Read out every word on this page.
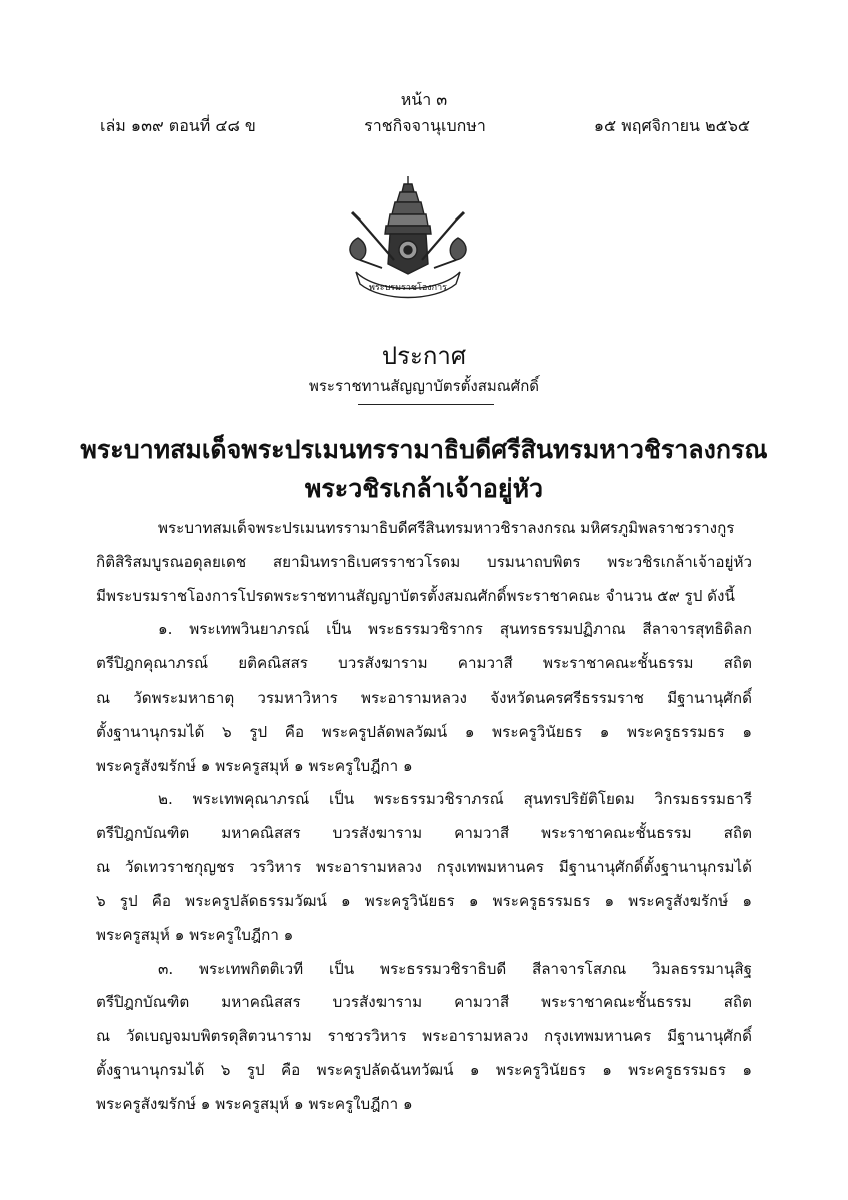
หน้า ๓
เล่ม ๑๓๙ ตอนที่ ๔๘ ข	ราชกิจจานุเบกษา	๑๕ พฤศจิกายน ๒๕๖๕
พระบรมราชโองการ
ประกาศ
พระราชทานสัญญาบัตรตั้งสมณศักดิ์
พระบาทสมเด็จพระปรเมนทรรามาธิบดีศรีสินทรมหาวชิราลงกรณ
พระวชิรเกล้าเจ้าอยู่หัว
พระบาทสมเด็จพระปรเมนทรรามาธิบดีศรีสินทรมหาวชิราลงกรณ มหิศรภูมิพลราชวรางกูร
กิติสิริสมบูรณอดุลยเดช สยามินทราธิเบศรราชวโรดม บรมนาถบพิตร พระวชิรเกล้าเจ้าอยู่หัว
มีพระบรมราชโองการโปรดพระราชทานสัญญาบัตรตั้งสมณศักดิ์พระราชาคณะ จำนวน ๕๙ รูป ดังนี้
๑. พระเทพวินยาภรณ์ เป็น พระธรรมวชิรากร สุนทรธรรมปฏิภาณ สีลาจารสุทธิดิลก
ตรีปิฎกคุณาภรณ์ ยติคณิสสร บวรสังฆาราม คามวาสี พระราชาคณะชั้นธรรม สถิต
ณ วัดพระมหาธาตุ วรมหาวิหาร พระอารามหลวง จังหวัดนครศรีธรรมราช มีฐานานุศักดิ์
ตั้งฐานานุกรมได้ ๖ รูป คือ พระครูปลัดพลวัฒน์ ๑ พระครูวินัยธร ๑ พระครูธรรมธร ๑
พระครูสังฆรักษ์ ๑ พระครูสมุห์ ๑ พระครูใบฎีกา ๑
๒. พระเทพคุณาภรณ์ เป็น พระธรรมวชิราภรณ์ สุนทรปริยัติโยดม วิกรมธรรมธารี
ตรีปิฎกบัณฑิต มหาคณิสสร บวรสังฆาราม คามวาสี พระราชาคณะชั้นธรรม สถิต
ณ วัดเทวราชกุญชร วรวิหาร พระอารามหลวง กรุงเทพมหานคร มีฐานานุศักดิ์ตั้งฐานานุกรมได้
๖ รูป คือ พระครูปลัดธรรมวัฒน์ ๑ พระครูวินัยธร ๑ พระครูธรรมธร ๑ พระครูสังฆรักษ์ ๑
พระครูสมุห์ ๑ พระครูใบฎีกา ๑
๓. พระเทพกิตติเวที เป็น พระธรรมวชิราธิบดี สีลาจารโสภณ วิมลธรรมานุสิฐ
ตรีปิฎกบัณฑิต มหาคณิสสร บวรสังฆาราม คามวาสี พระราชาคณะชั้นธรรม สถิต
ณ วัดเบญจมบพิตรดุสิตวนาราม ราชวรวิหาร พระอารามหลวง กรุงเทพมหานคร มีฐานานุศักดิ์
ตั้งฐานานุกรมได้ ๖ รูป คือ พระครูปลัดฉันทวัฒน์ ๑ พระครูวินัยธร ๑ พระครูธรรมธร ๑
พระครูสังฆรักษ์ ๑ พระครูสมุห์ ๑ พระครูใบฎีกา ๑
